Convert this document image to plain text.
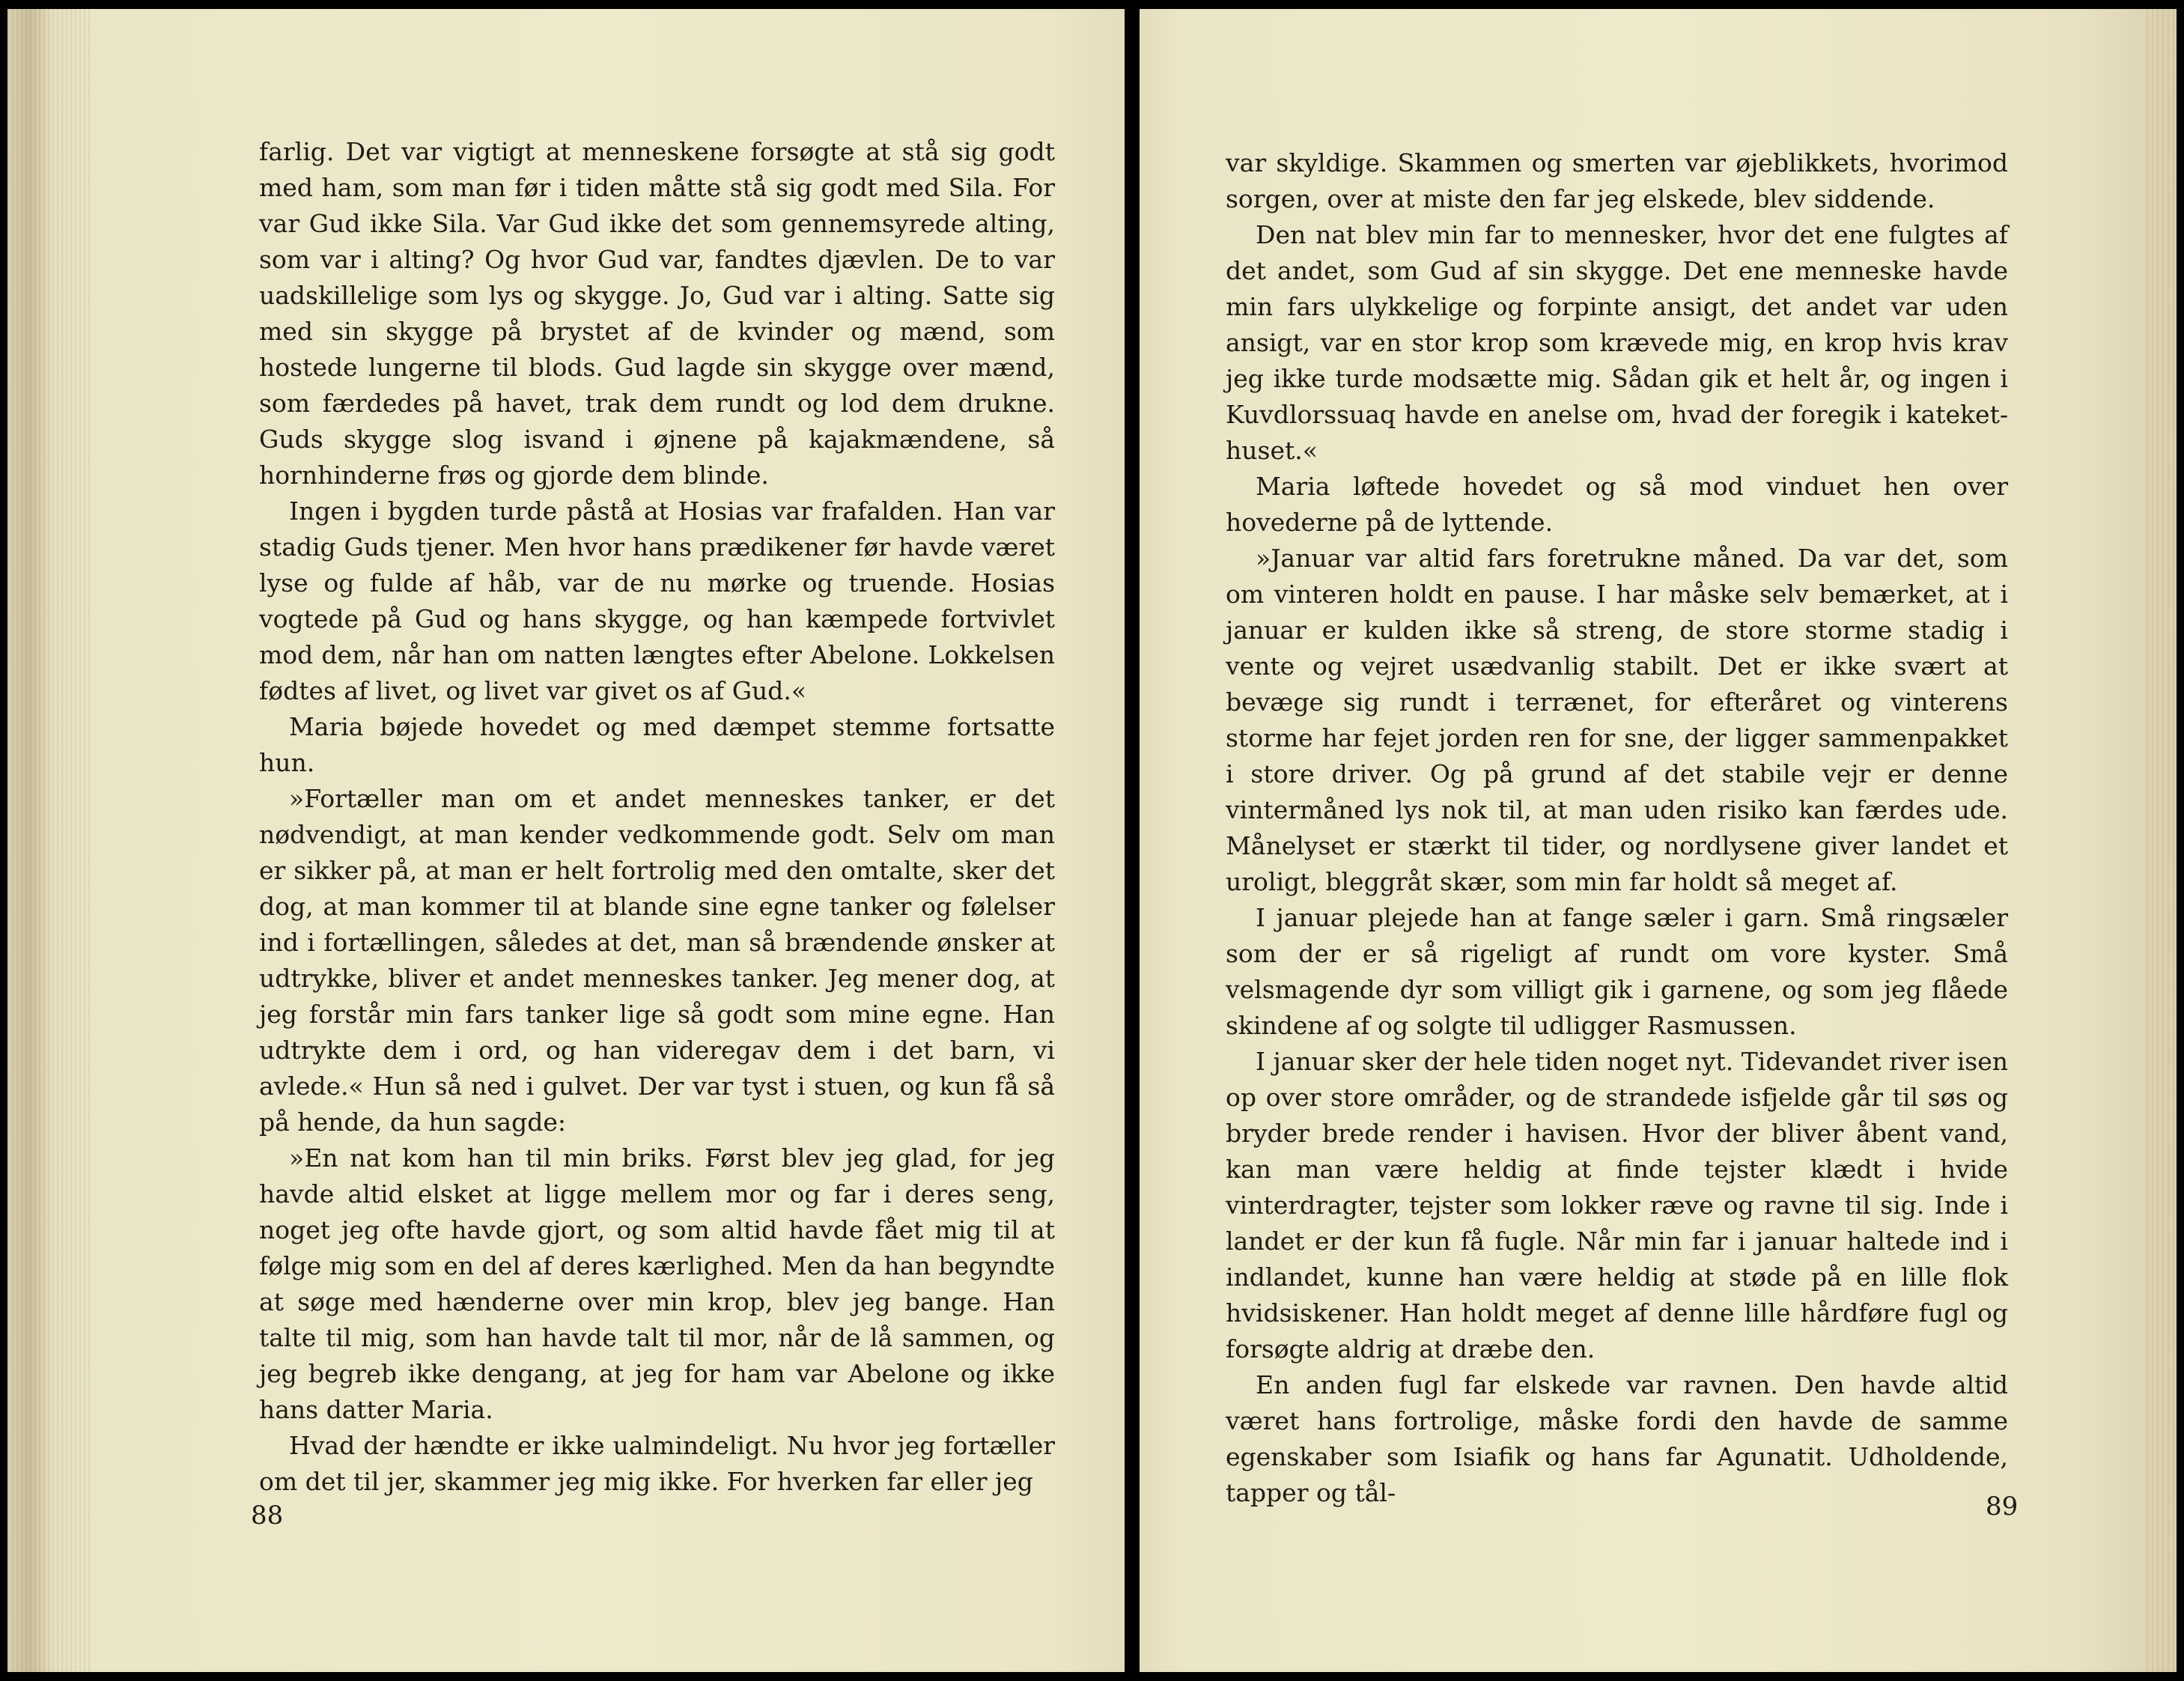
farlig. Det var vigtigt at menneskene forsøgte at stå sig godt med ham, som man før i tiden måtte stå sig godt med Sila. For var Gud ikke Sila. Var Gud ikke det som gennemsyrede alting, som var i alting? Og hvor Gud var, fandtes djævlen. De to var uadskillelige som lys og skygge. Jo, Gud var i alting. Satte sig med sin skygge på brystet af de kvinder og mænd, som hostede lungerne til blods. Gud lagde sin skygge over mænd, som færdedes på havet, trak dem rundt og lod dem drukne. Guds skygge slog isvand i øjnene på kajakmændene, så hornhinderne frøs og gjorde dem blinde.

Ingen i bygden turde påstå at Hosias var frafalden. Han var stadig Guds tjener. Men hvor hans prædikener før havde været lyse og fulde af håb, var de nu mørke og truende. Hosias vogtede på Gud og hans skygge, og han kæmpede fortvivlet mod dem, når han om natten længtes efter Abelone. Lokkelsen fødtes af livet, og livet var givet os af Gud.«

Maria bøjede hovedet og med dæmpet stemme fortsatte hun.

»Fortæller man om et andet menneskes tanker, er det nødvendigt, at man kender vedkommende godt. Selv om man er sikker på, at man er helt fortrolig med den omtalte, sker det dog, at man kommer til at blande sine egne tanker og følelser ind i fortællingen, således at det, man så brændende ønsker at udtrykke, bliver et andet menneskes tanker. Jeg mener dog, at jeg forstår min fars tanker lige så godt som mine egne. Han udtrykte dem i ord, og han videregav dem i det barn, vi avlede.« Hun så ned i gulvet. Der var tyst i stuen, og kun få så på hende, da hun sagde:

»En nat kom han til min briks. Først blev jeg glad, for jeg havde altid elsket at ligge mellem mor og far i deres seng, noget jeg ofte havde gjort, og som altid havde fået mig til at følge mig som en del af deres kærlighed. Men da han begyndte at søge med hænderne over min krop, blev jeg bange. Han talte til mig, som han havde talt til mor, når de lå sammen, og jeg begreb ikke dengang, at jeg for ham var Abelone og ikke hans datter Maria.

Hvad der hændte er ikke ualmindeligt. Nu hvor jeg fortæller om det til jer, skammer jeg mig ikke. For hverken far eller jeg

88

var skyldige. Skammen og smerten var øjeblikkets, hvorimod sorgen, over at miste den far jeg elskede, blev siddende.

Den nat blev min far to mennesker, hvor det ene fulgtes af det andet, som Gud af sin skygge. Det ene menneske havde min fars ulykkelige og forpinte ansigt, det andet var uden ansigt, var en stor krop som krævede mig, en krop hvis krav jeg ikke turde modsætte mig. Sådan gik et helt år, og ingen i Kuvdlorssuaq havde en anelse om, hvad der foregik i kateket-huset.«

Maria løftede hovedet og så mod vinduet hen over hovederne på de lyttende.

»Januar var altid fars foretrukne måned. Da var det, som om vinteren holdt en pause. I har måske selv bemærket, at i januar er kulden ikke så streng, de store storme stadig i vente og vejret usædvanlig stabilt. Det er ikke svært at bevæge sig rundt i terrænet, for efteråret og vinterens storme har fejet jorden ren for sne, der ligger sammenpakket i store driver. Og på grund af det stabile vejr er denne vintermåned lys nok til, at man uden risiko kan færdes ude. Månelyset er stærkt til tider, og nordlysene giver landet et uroligt, bleggråt skær, som min far holdt så meget af.

I januar plejede han at fange sæler i garn. Små ringsæler som der er så rigeligt af rundt om vore kyster. Små velsmagende dyr som villigt gik i garnene, og som jeg flåede skindene af og solgte til udligger Rasmussen.

I januar sker der hele tiden noget nyt. Tidevandet river isen op over store områder, og de strandede isfjelde går til søs og bryder brede render i havisen. Hvor der bliver åbent vand, kan man være heldig at finde tejster klædt i hvide vinterdragter, tejster som lokker ræve og ravne til sig. Inde i landet er der kun få fugle. Når min far i januar haltede ind i indlandet, kunne han være heldig at støde på en lille flok hvidsiskener. Han holdt meget af denne lille hårdføre fugl og forsøgte aldrig at dræbe den.

En anden fugl far elskede var ravnen. Den havde altid været hans fortrolige, måske fordi den havde de samme egenskaber som Isiafik og hans far Agunatit. Udholdende, tapper og tål-	89
